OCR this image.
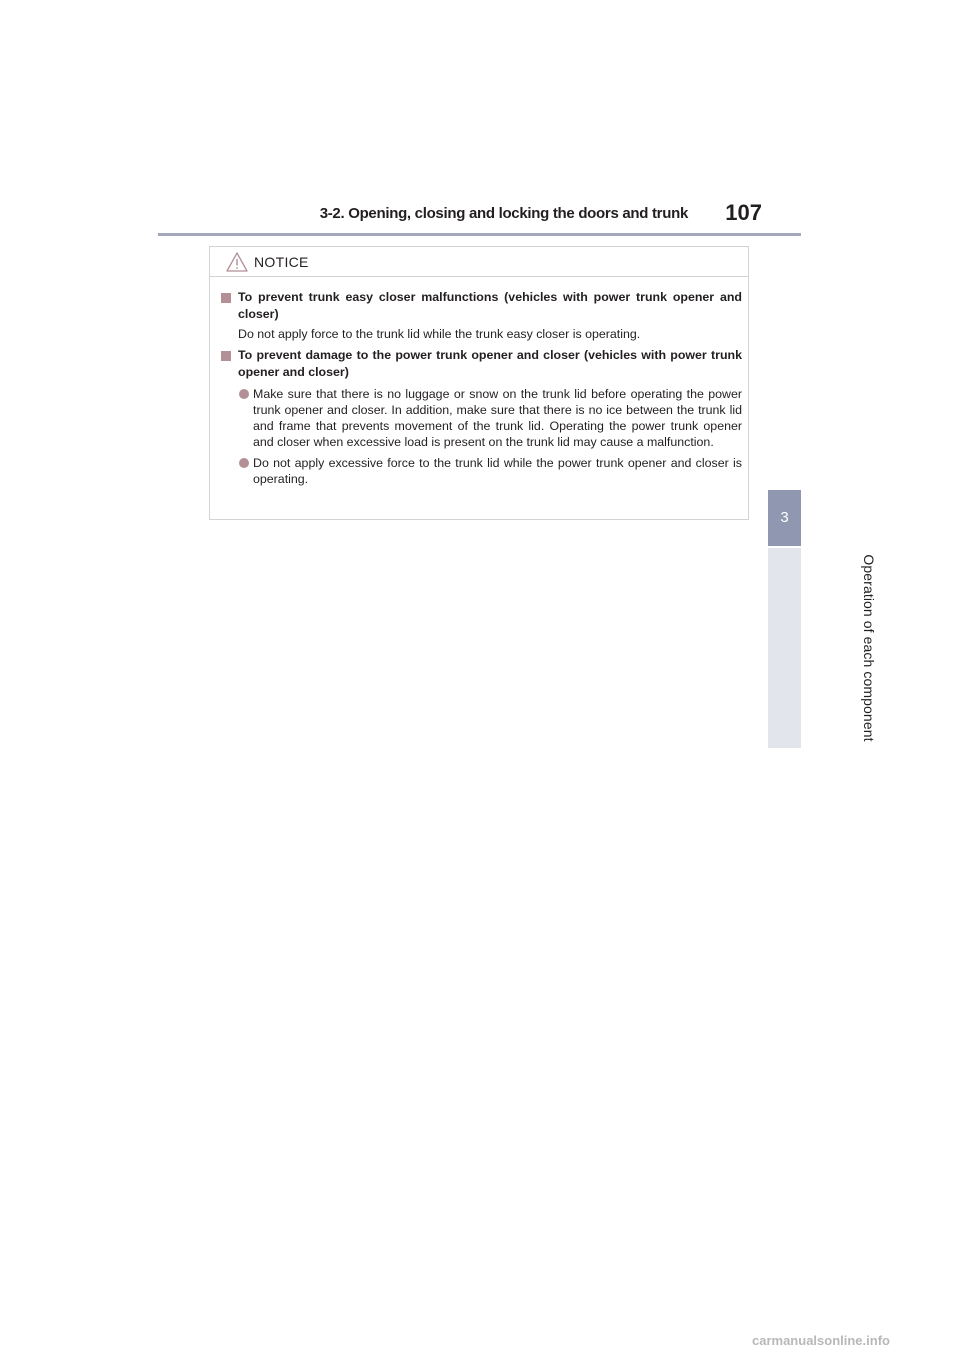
3-2. Opening, closing and locking the doors and trunk	107
3
Operation of each component
NOTICE
To prevent trunk easy closer malfunctions (vehicles with power trunk opener and closer)
Do not apply force to the trunk lid while the trunk easy closer is operating.
To prevent damage to the power trunk opener and closer (vehicles with power trunk opener and closer)
Make sure that there is no luggage or snow on the trunk lid before operating the power trunk opener and closer. In addition, make sure that there is no ice between the trunk lid and frame that prevents movement of the trunk lid. Operating the power trunk opener and closer when excessive load is present on the trunk lid may cause a malfunction.
Do not apply excessive force to the trunk lid while the power trunk opener and closer is operating.
carmanualsonline.info
